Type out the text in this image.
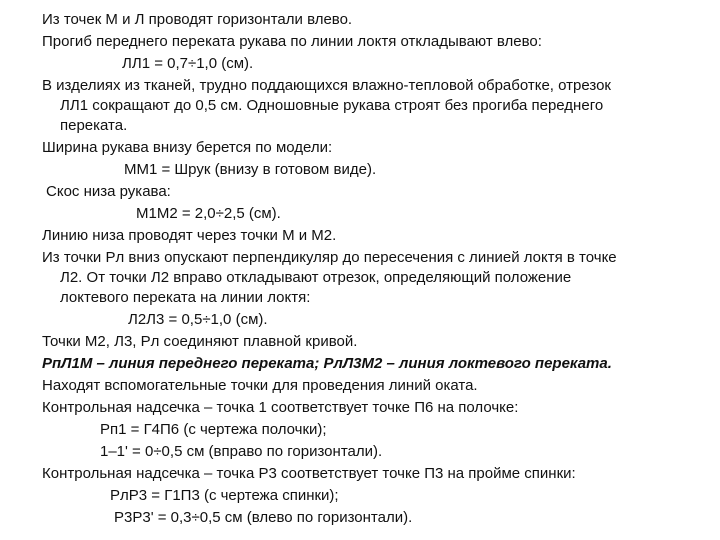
Из точек М и Л проводят горизонтали влево.
Прогиб переднего переката рукава по линии локтя откладывают влево:
ЛЛ1 = 0,7÷1,0 (см).
В изделиях из тканей, трудно поддающихся влажно-тепловой обработке, отрезок
ЛЛ1 сокращают до 0,5 см. Одношовные рукава строят без прогиба переднего
переката.
Ширина рукава внизу берется по модели:
ММ1 = Шрук (внизу в готовом виде).
Скос низа рукава:
М1М2 = 2,0÷2,5 (см).
Линию низа проводят через точки М и М2.
Из точки Рл вниз опускают перпендикуляр до пересечения с линией локтя в точке
Л2. От точки Л2 вправо откладывают отрезок, определяющий положение
локтевого переката на линии локтя:
Л2Л3 = 0,5÷1,0 (см).
Точки М2, Л3, Рл соединяют плавной кривой.
РпЛ1М – линия переднего переката; РлЛ3М2 – линия локтевого переката.
Находят вспомогательные точки для проведения линий оката.
Контрольная надсечка – точка 1 соответствует точке П6 на полочке:
Рп1 = Г4П6 (с чертежа полочки);
1–1' = 0÷0,5 см (вправо по горизонтали).
Контрольная надсечка – точка Р3 соответствует точке П3 на пройме спинки:
РлР3 = Г1П3 (с чертежа спинки);
Р3Р3' = 0,3÷0,5 см (влево по горизонтали).
